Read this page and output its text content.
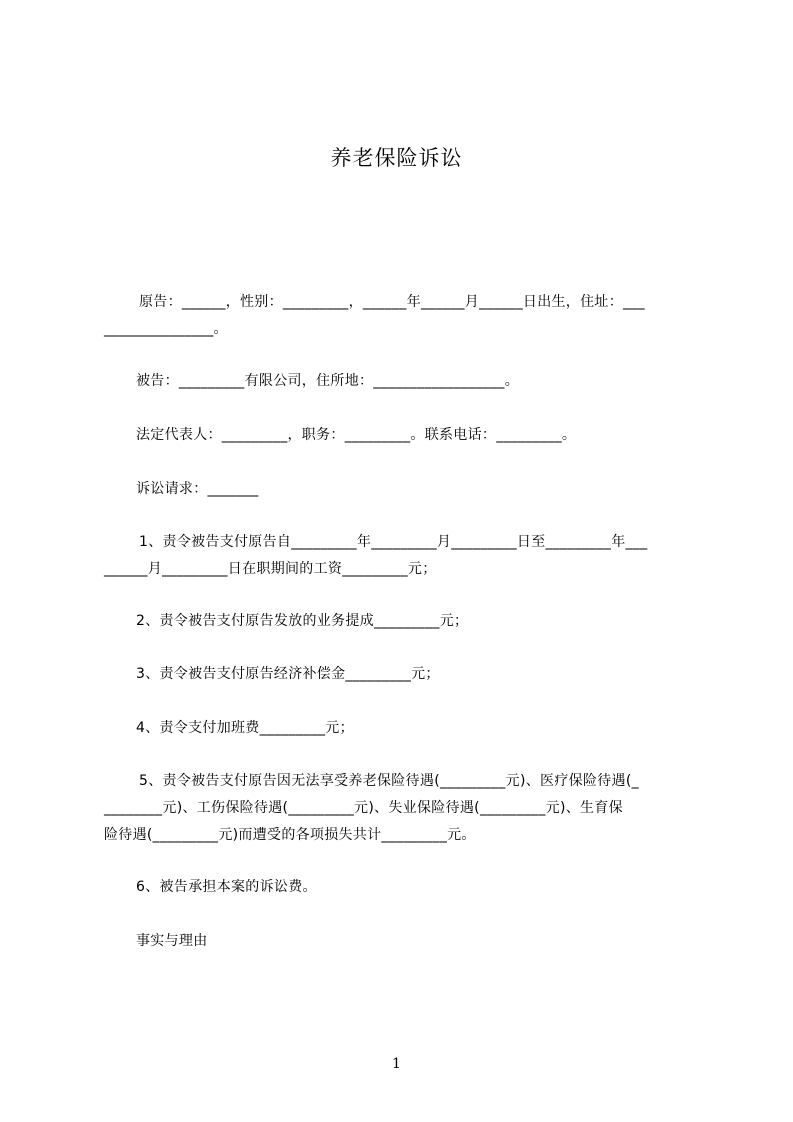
养老保险诉讼
原告：______，性别：_________，______年______月______日出生，住址：___
_______________。
被告：_________有限公司，住所地：__________________。
法定代表人：_________，职务：_________。联系电话：_________。
诉讼请求：_______
1、责令被告支付原告自_________年_________月_________日至_________年___
______月_________日在职期间的工资_________元；
2、责令被告支付原告发放的业务提成_________元；
3、责令被告支付原告经济补偿金_________元；
4、责令支付加班费_________元；
5、责令被告支付原告因无法享受养老保险待遇(_________元)、医疗保险待遇(_
________元)、工伤保险待遇(_________元)、失业保险待遇(_________元)、生育保
险待遇(_________元)而遭受的各项损失共计_________元。
6、被告承担本案的诉讼费。
事实与理由
1
